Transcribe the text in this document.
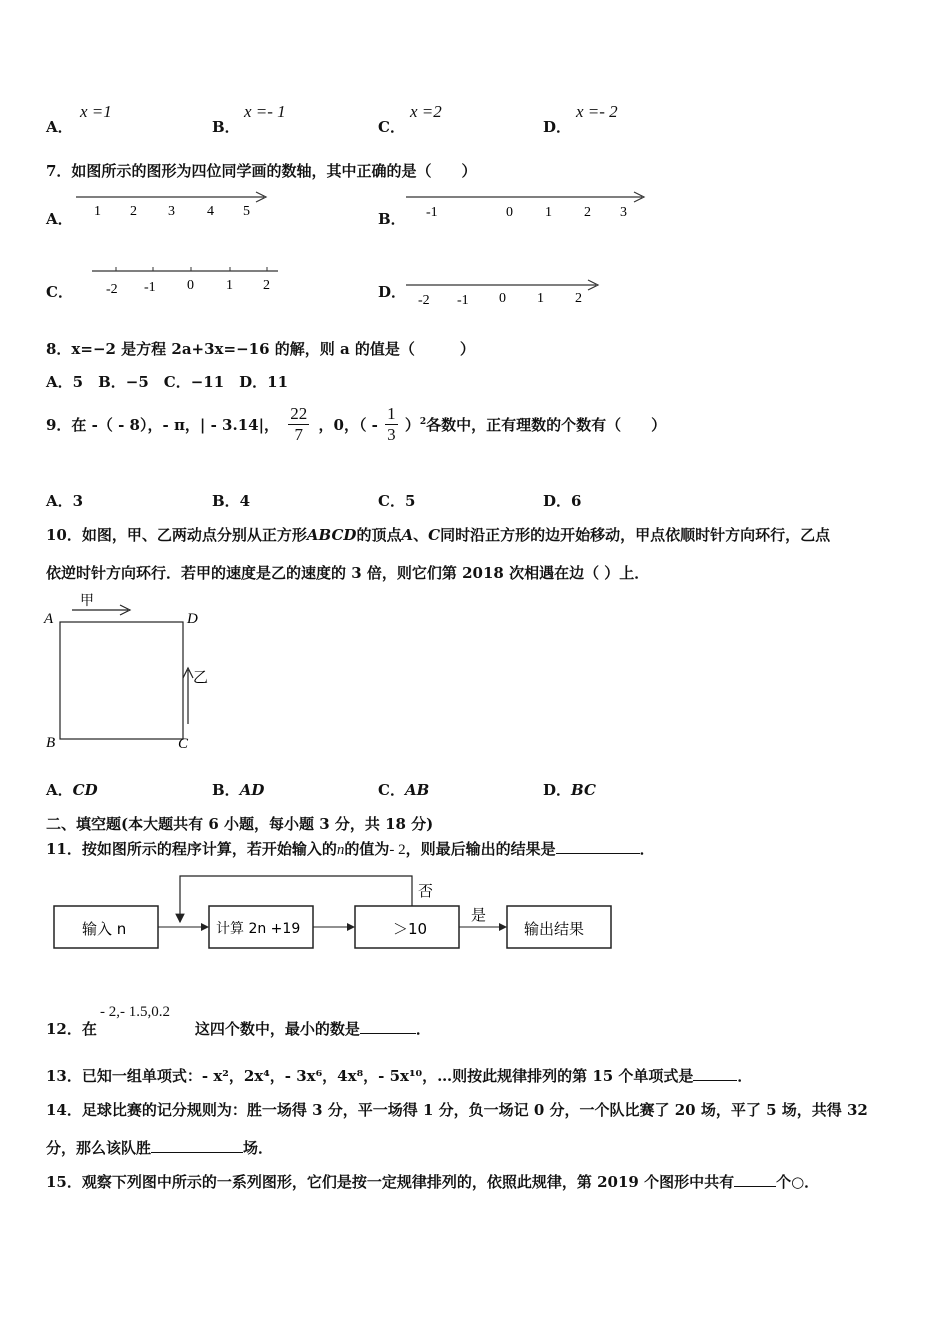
A．
x =1
B．
x =- 1
C．
x =2
D．
x =- 2
7．如图所示的图形为四位同学画的数轴，其中正确的是（　　）
A． 1 2 3 4 5	B． -1	0 1 2 3
C． -2 -1 0 1 2	D． -2 -1 0 1 2
8．x=−2 是方程 2a+3x=−16 的解，则 a 的值是（　　　）
A．5　B．−5　C．−11　D．11
9．在 -（ - 8），- π，| - 3.14|， $\frac{22}{7}$ ，0，（ - $\frac{1}{3} )^2$各数中，正有理数的个数有（　　）
A．3	B．4	C．5	D．6
10．如图，甲、乙两动点分别从正方形ABCD的顶点A、C同时沿正方形的边开始移动，甲点依顺时针方向环行，乙点
依逆时针方向环行．若甲的速度是乙的速度的 3 倍，则它们第 2018 次相遇在边（ ）上．
A	D
B	C
甲
乙
A．CD	B．AD	C．AB	D．BC
二、填空题(本大题共有 6 小题，每小题 3 分，共 18 分)
11．按如图所示的程序计算，若开始输入的n的值为- 2，则最后输出的结果是	．
输入 n	计算 2n +19	＞10
是
输出结果
否
- 2,- 1.5,0.2
12．在	这四个数中，最小的数是	．
13．已知一组单项式：- x²，2x⁴，- 3x⁶，4x⁸，- 5x¹⁰，…则按此规律排列的第 15 个单项式是	．
14．足球比赛的记分规则为：胜一场得 3 分，平一场得 1 分，负一场记 0 分，一个队比赛了 20 场，平了 5 场，共得 32
分，那么该队胜	场．
15．观察下列图中所示的一系列图形，它们是按一定规律排列的，依照此规律，第 2019 个图形中共有	个○．
